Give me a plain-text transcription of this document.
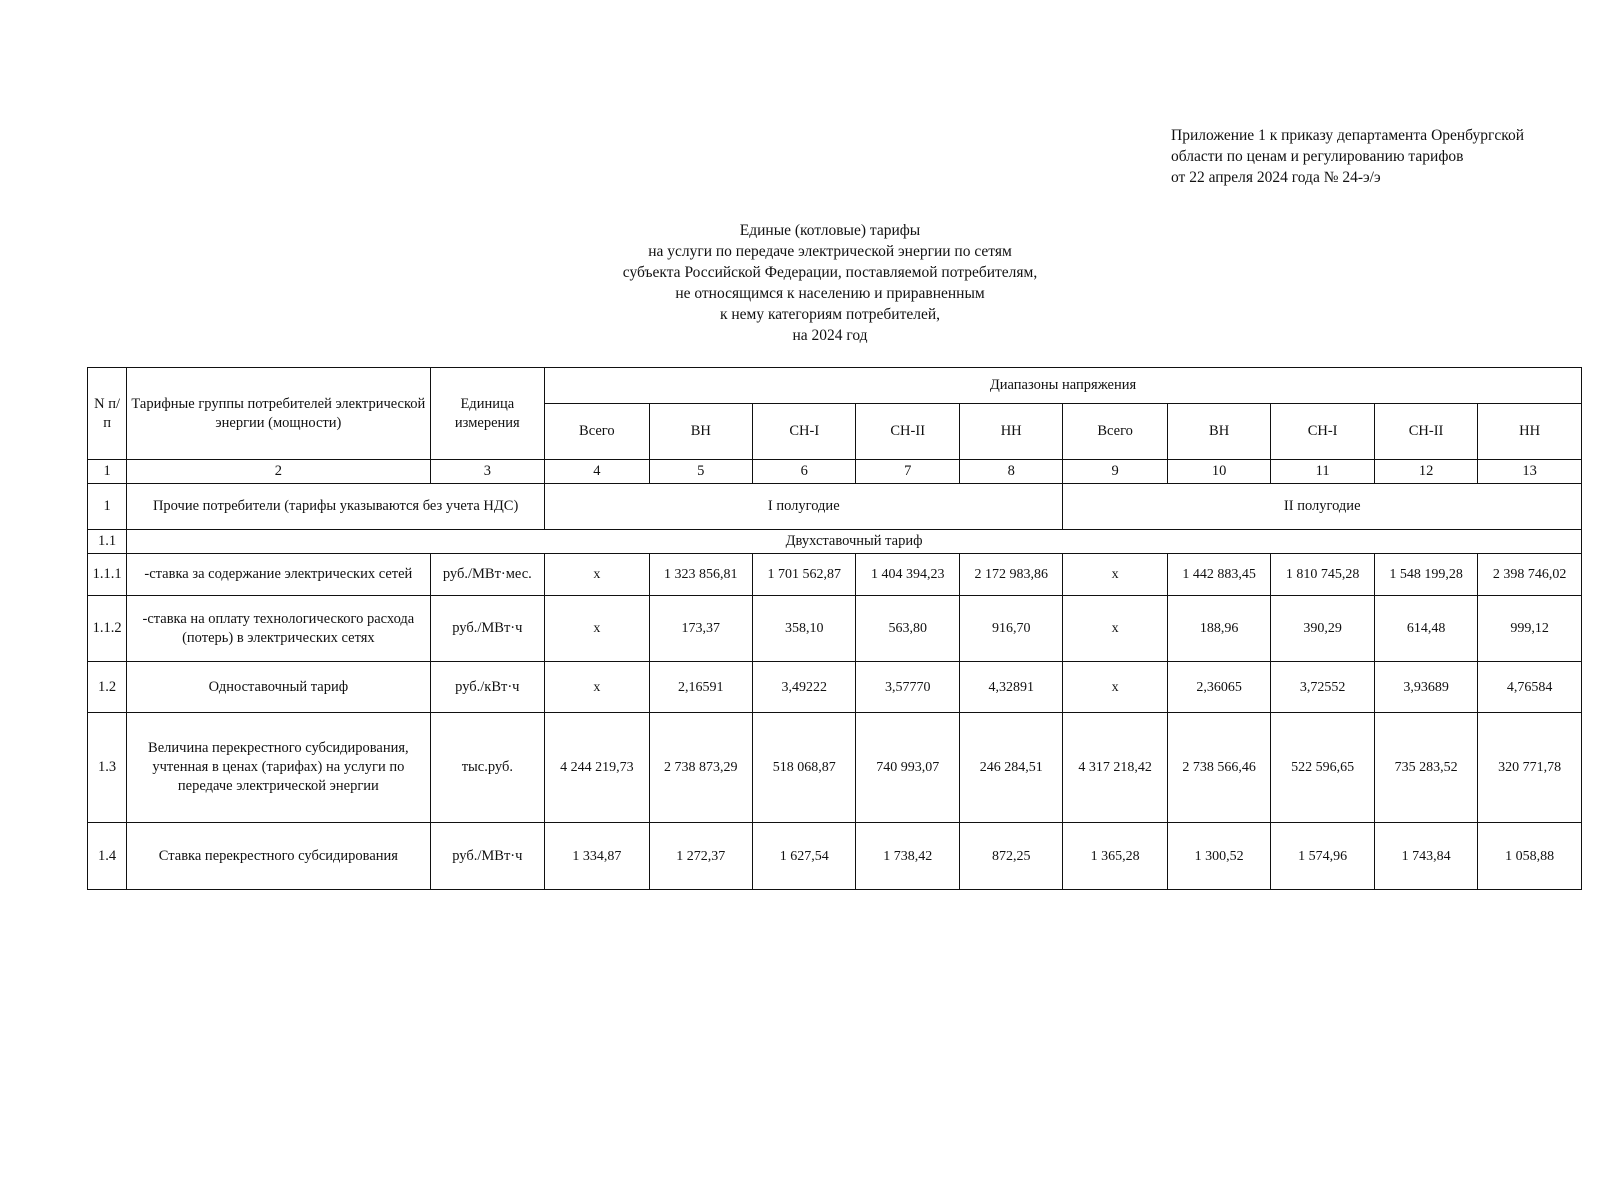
Приложение 1 к приказу департамента Оренбургской
области по ценам и регулированию тарифов
от 22 апреля 2024 года № 24-э/э
Единые (котловые) тарифы
на услуги по передаче электрической энергии по сетям
субъекта Российской Федерации, поставляемой потребителям,
не относящимся к населению и приравненным
к нему категориям потребителей,
на 2024 год
N п/п	Тарифные группы потребителей электрической энергии (мощности)	Единица измерения	Диапазоны напряжения									
			Всего	ВН	СН-I	СН-II	НН	Всего	ВН	СН-I	СН-II	НН
1	2	3	4	5	6	7	8	9	10	11	12	13
1	Прочие потребители (тарифы указываются без учета НДС)		I полугодие					II полугодие				
1.1	Двухставочный тариф											
1.1.1	-ставка за содержание электрических сетей	руб./МВт·мес.	x	1 323 856,81	1 701 562,87	1 404 394,23	2 172 983,86	x	1 442 883,45	1 810 745,28	1 548 199,28	2 398 746,02
1.1.2	-ставка на оплату технологического расхода (потерь) в электрических сетях	руб./МВт·ч	x	173,37	358,10	563,80	916,70	x	188,96	390,29	614,48	999,12
1.2	Одноставочный тариф	руб./кВт·ч	x	2,16591	3,49222	3,57770	4,32891	x	2,36065	3,72552	3,93689	4,76584
1.3	Величина перекрестного субсидирования, учтенная в ценах (тарифах) на услуги по передаче электрической энергии	тыс.руб.	4 244 219,73	2 738 873,29	518 068,87	740 993,07	246 284,51	4 317 218,42	2 738 566,46	522 596,65	735 283,52	320 771,78
1.4	Ставка перекрестного субсидирования	руб./МВт·ч	1 334,87	1 272,37	1 627,54	1 738,42	872,25	1 365,28	1 300,52	1 574,96	1 743,84	1 058,88
